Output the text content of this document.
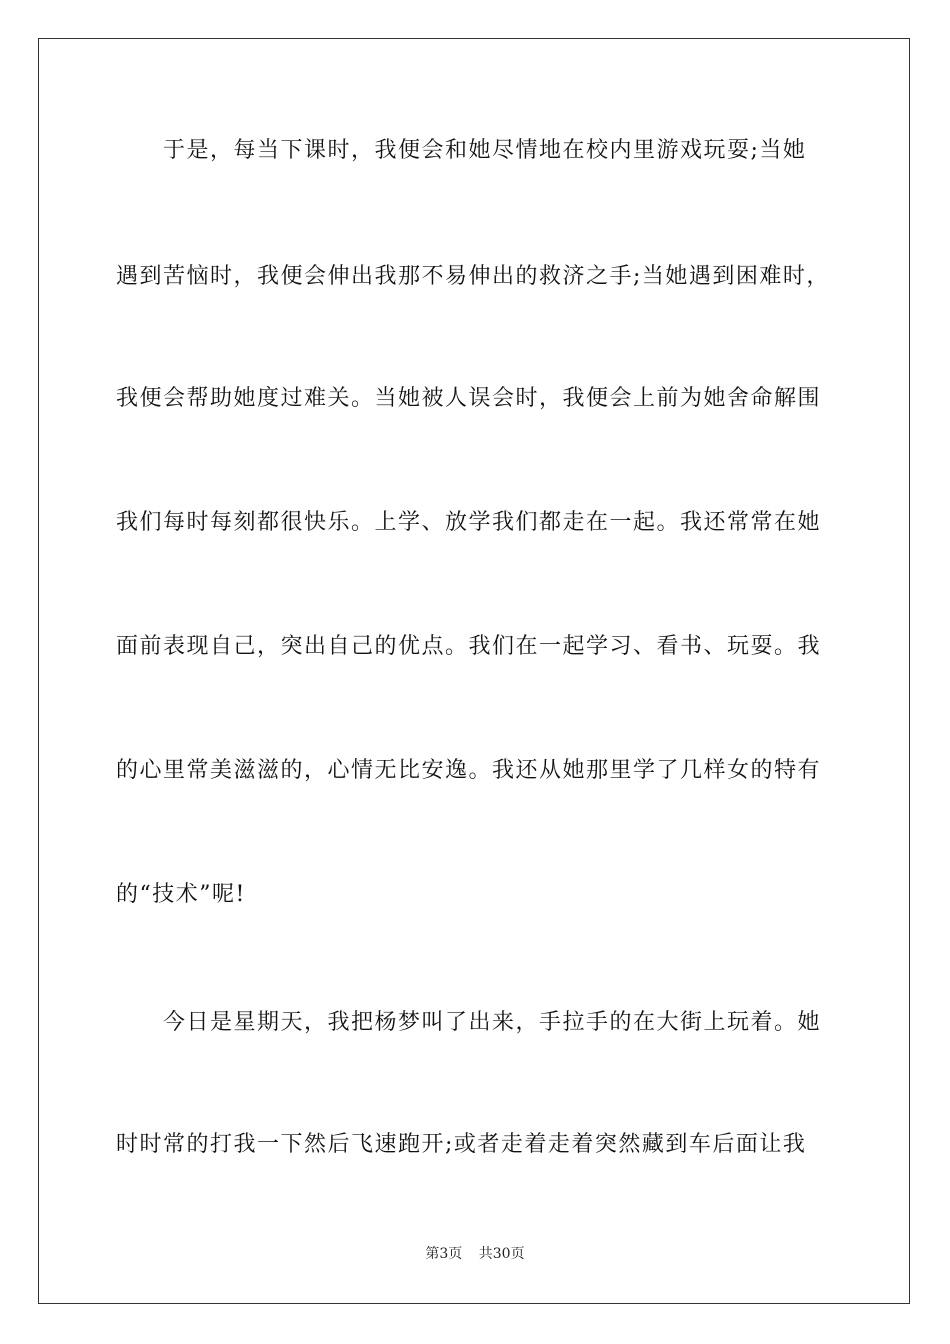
　　于是，每当下课时，我便会和她尽情地在校内里游戏玩耍;当她
遇到苦恼时，我便会伸出我那不易伸出的救济之手;当她遇到困难时，
我便会帮助她度过难关。当她被人误会时，我便会上前为她舍命解围
我们每时每刻都很快乐。上学、放学我们都走在一起。我还常常在她
面前表现自己，突出自己的优点。我们在一起学习、看书、玩耍。我
的心里常美滋滋的，心情无比安逸。我还从她那里学了几样女的特有
的“技术”呢!
　　今日是星期天，我把杨梦叫了出来，手拉手的在大街上玩着。她
时时常的打我一下然后飞速跑开;或者走着走着突然藏到车后面让我
第3页 共30页
